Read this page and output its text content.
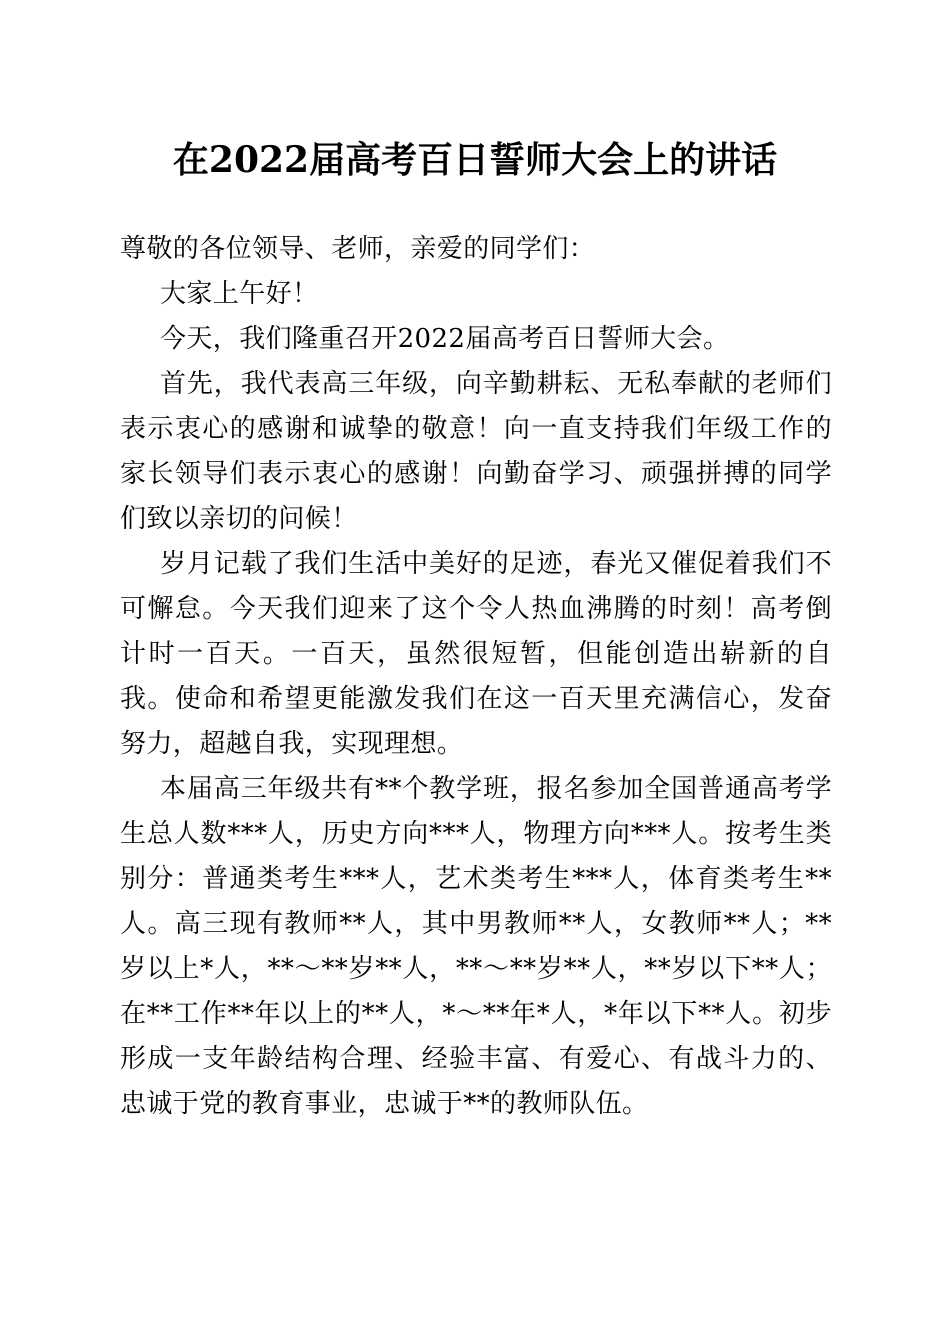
在2022届高考百日誓师大会上的讲话

尊敬的各位领导、老师，亲爱的同学们：

大家上午好！

今天，我们隆重召开2022届高考百日誓师大会。

首先，我代表高三年级，向辛勤耕耘、无私奉献的老师们表示衷心的感谢和诚挚的敬意！向一直支持我们年级工作的家长领导们表示衷心的感谢！向勤奋学习、顽强拼搏的同学们致以亲切的问候！

岁月记载了我们生活中美好的足迹，春光又催促着我们不可懈怠。今天我们迎来了这个令人热血沸腾的时刻！高考倒计时一百天。一百天，虽然很短暂，但能创造出崭新的自我。使命和希望更能激发我们在这一百天里充满信心，发奋努力，超越自我，实现理想。

本届高三年级共有**个教学班，报名参加全国普通高考学生总人数***人，历史方向***人，物理方向***人。按考生类别分：普通类考生***人，艺术类考生***人，体育类考生**人。高三现有教师**人，其中男教师**人，女教师**人；**岁以上*人，**～**岁**人，**～**岁**人，**岁以下**人；在**工作**年以上的**人，*～**年*人，*年以下**人。初步形成一支年龄结构合理、经验丰富、有爱心、有战斗力的、忠诚于党的教育事业，忠诚于**的教师队伍。
